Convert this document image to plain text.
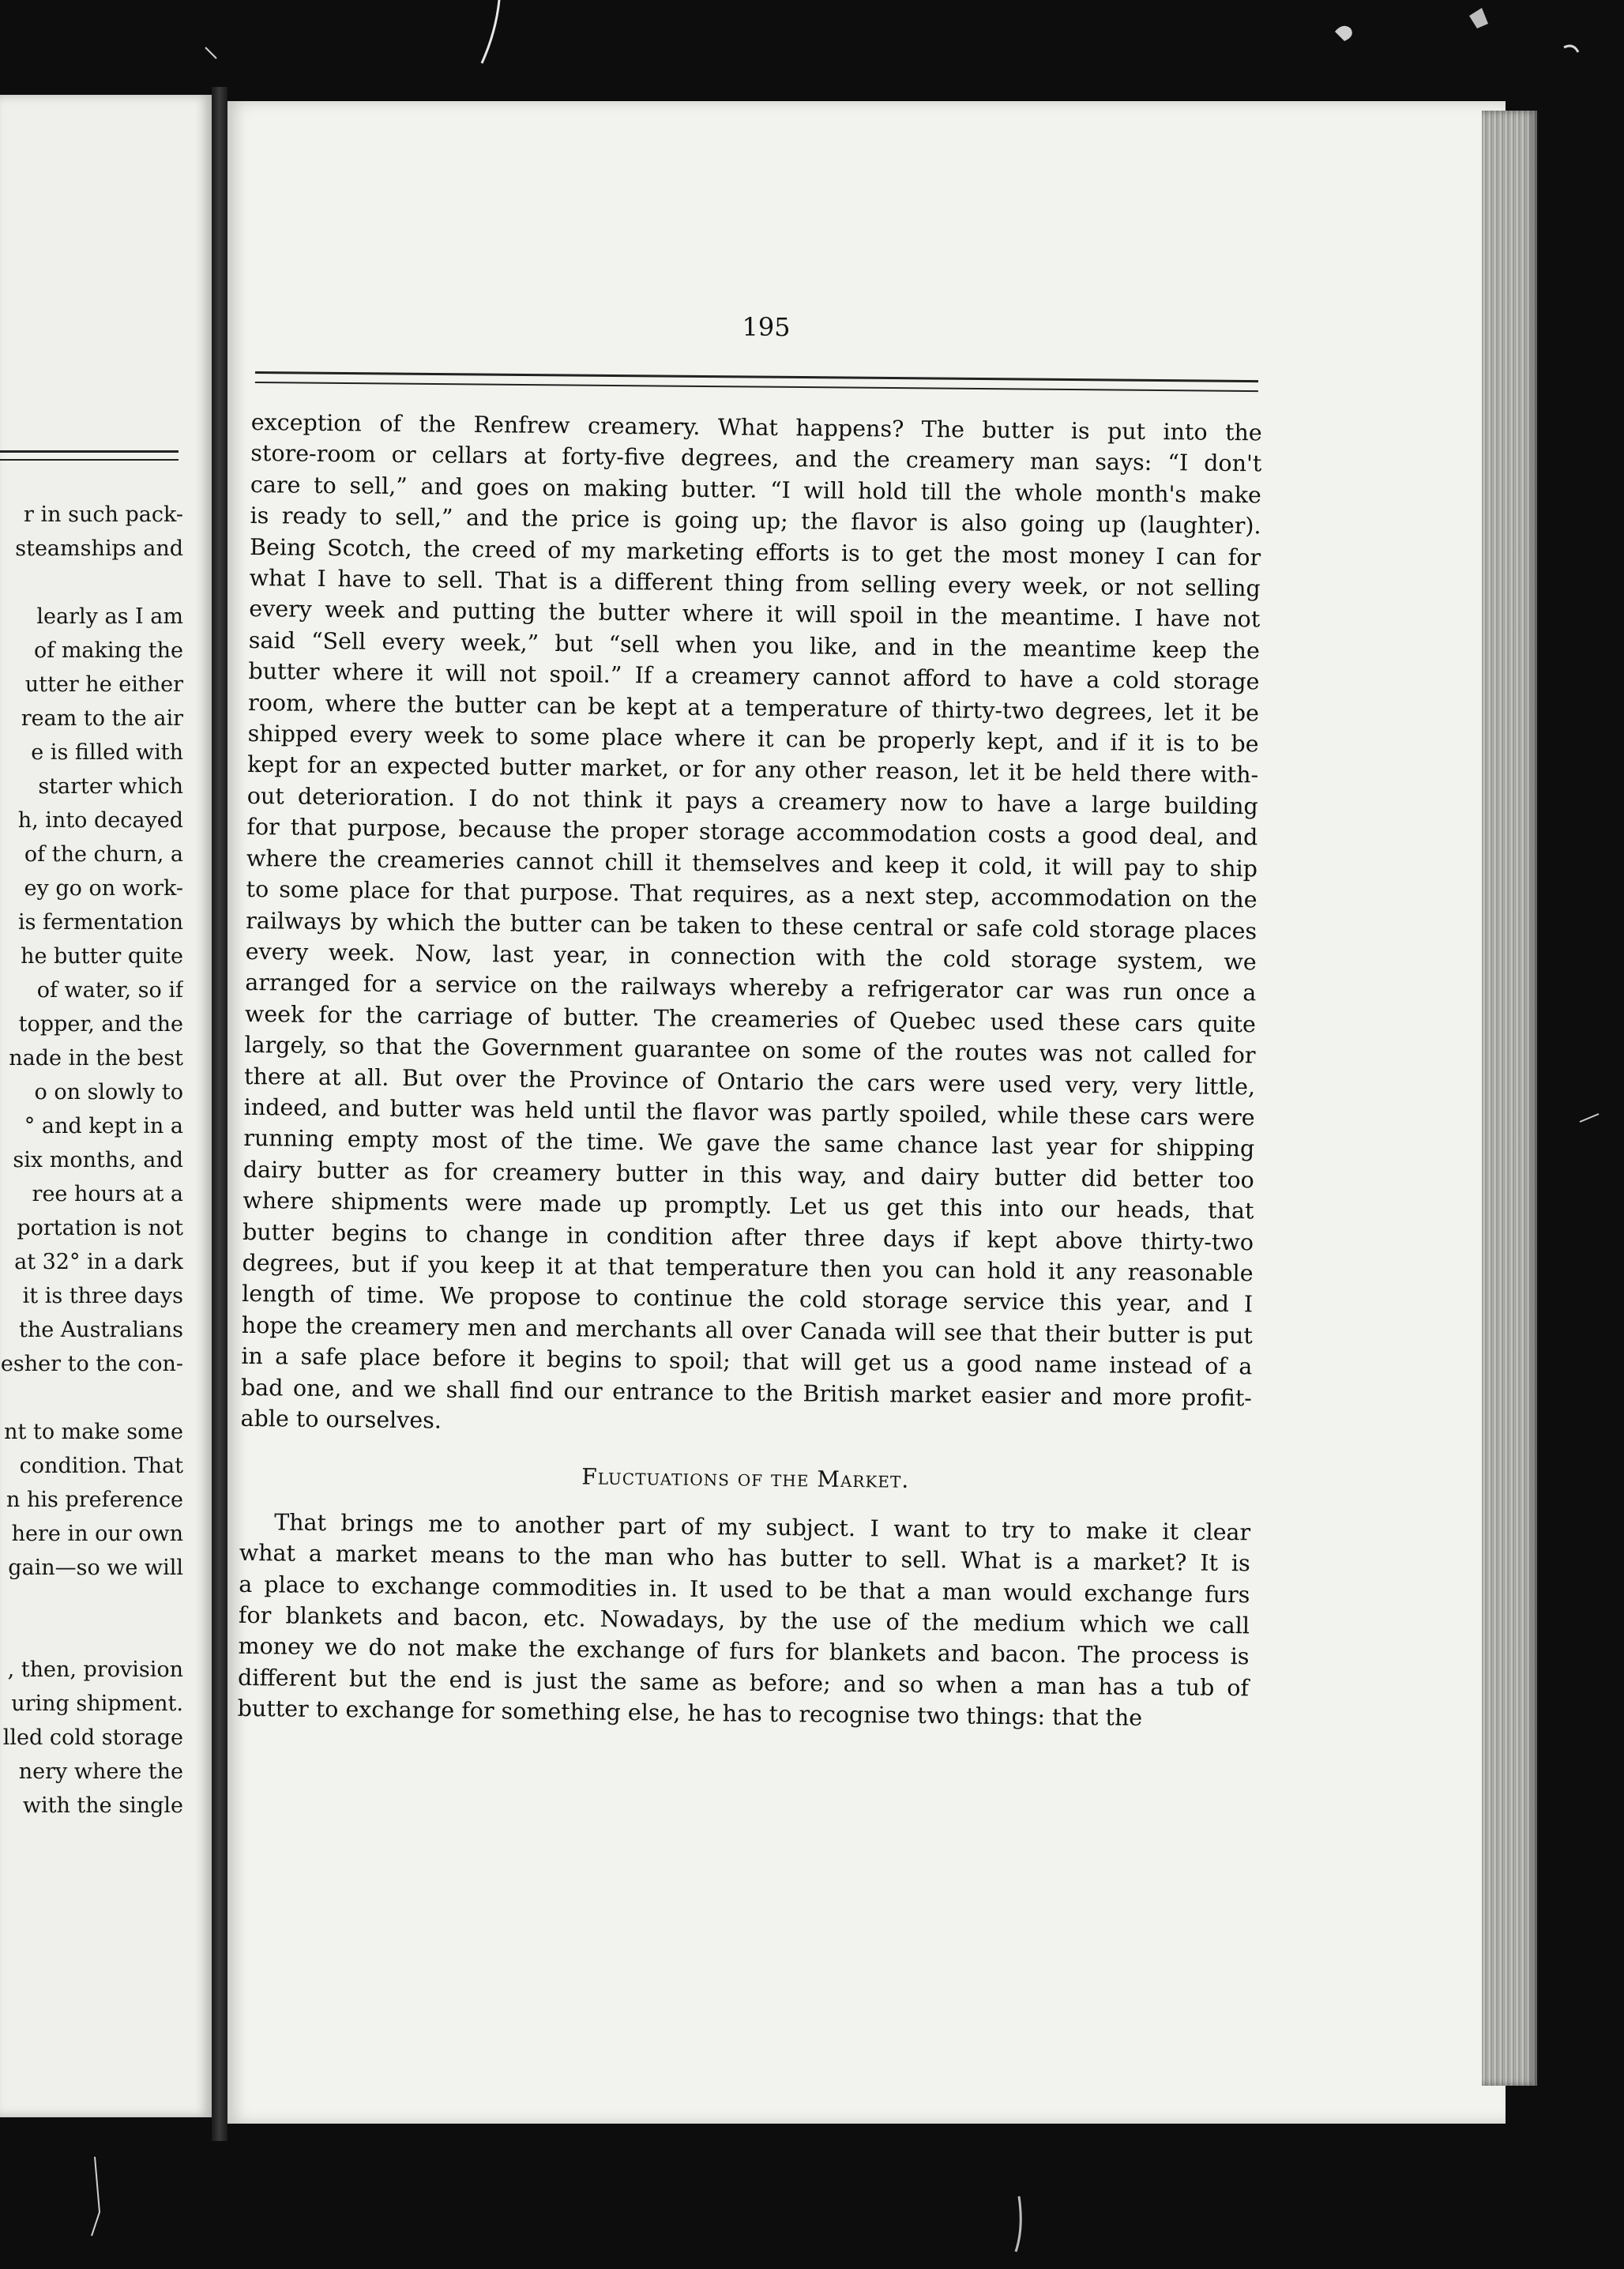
r in such pack-
steamships and
learly as I am
of making the
utter he either
ream to the air
e is filled with
starter which
h, into decayed
of the churn, a
ey go on work-
is fermentation
he butter quite
of water, so if
topper, and the
nade in the best
o on slowly to
° and kept in a
six months, and
ree hours at a
portation is not
at 32° in a dark
it is three days
the Australians
esher to the con-
nt to make some
condition. That
n his preference
here in our own
gain—so we will
, then, provision
uring shipment.
lled cold storage
nery where the
with the single
195
exception of the Renfrew creamery. What happens? The butter is put into the
store-room or cellars at forty-five degrees, and the creamery man says: “I don't
care to sell,” and goes on making butter. “I will hold till the whole month's make
is ready to sell,” and the price is going up; the flavor is also going up (laughter).
Being Scotch, the creed of my marketing efforts is to get the most money I can for
what I have to sell. That is a different thing from selling every week, or not selling
every week and putting the butter where it will spoil in the meantime. I have not
said “Sell every week,” but “sell when you like, and in the meantime keep the
butter where it will not spoil.” If a creamery cannot afford to have a cold storage
room, where the butter can be kept at a temperature of thirty-two degrees, let it be
shipped every week to some place where it can be properly kept, and if it is to be
kept for an expected butter market, or for any other reason, let it be held there with-
out deterioration. I do not think it pays a creamery now to have a large building
for that purpose, because the proper storage accommodation costs a good deal, and
where the creameries cannot chill it themselves and keep it cold, it will pay to ship
to some place for that purpose. That requires, as a next step, accommodation on the
railways by which the butter can be taken to these central or safe cold storage places
every week. Now, last year, in connection with the cold storage system, we
arranged for a service on the railways whereby a refrigerator car was run once a
week for the carriage of butter. The creameries of Quebec used these cars quite
largely, so that the Government guarantee on some of the routes was not called for
there at all. But over the Province of Ontario the cars were used very, very little,
indeed, and butter was held until the flavor was partly spoiled, while these cars were
running empty most of the time. We gave the same chance last year for shipping
dairy butter as for creamery butter in this way, and dairy butter did better too
where shipments were made up promptly. Let us get this into our heads, that
butter begins to change in condition after three days if kept above thirty-two
degrees, but if you keep it at that temperature then you can hold it any reasonable
length of time. We propose to continue the cold storage service this year, and I
hope the creamery men and merchants all over Canada will see that their butter is put
in a safe place before it begins to spoil; that will get us a good name instead of a
bad one, and we shall find our entrance to the British market easier and more profit-
able to ourselves.
Fluctuations of the Market.
That brings me to another part of my subject. I want to try to make it clear
what a market means to the man who has butter to sell. What is a market? It is
a place to exchange commodities in. It used to be that a man would exchange furs
for blankets and bacon, etc. Nowadays, by the use of the medium which we call
money we do not make the exchange of furs for blankets and bacon. The process is
different but the end is just the same as before; and so when a man has a tub of
butter to exchange for something else, he has to recognise two things: that the
